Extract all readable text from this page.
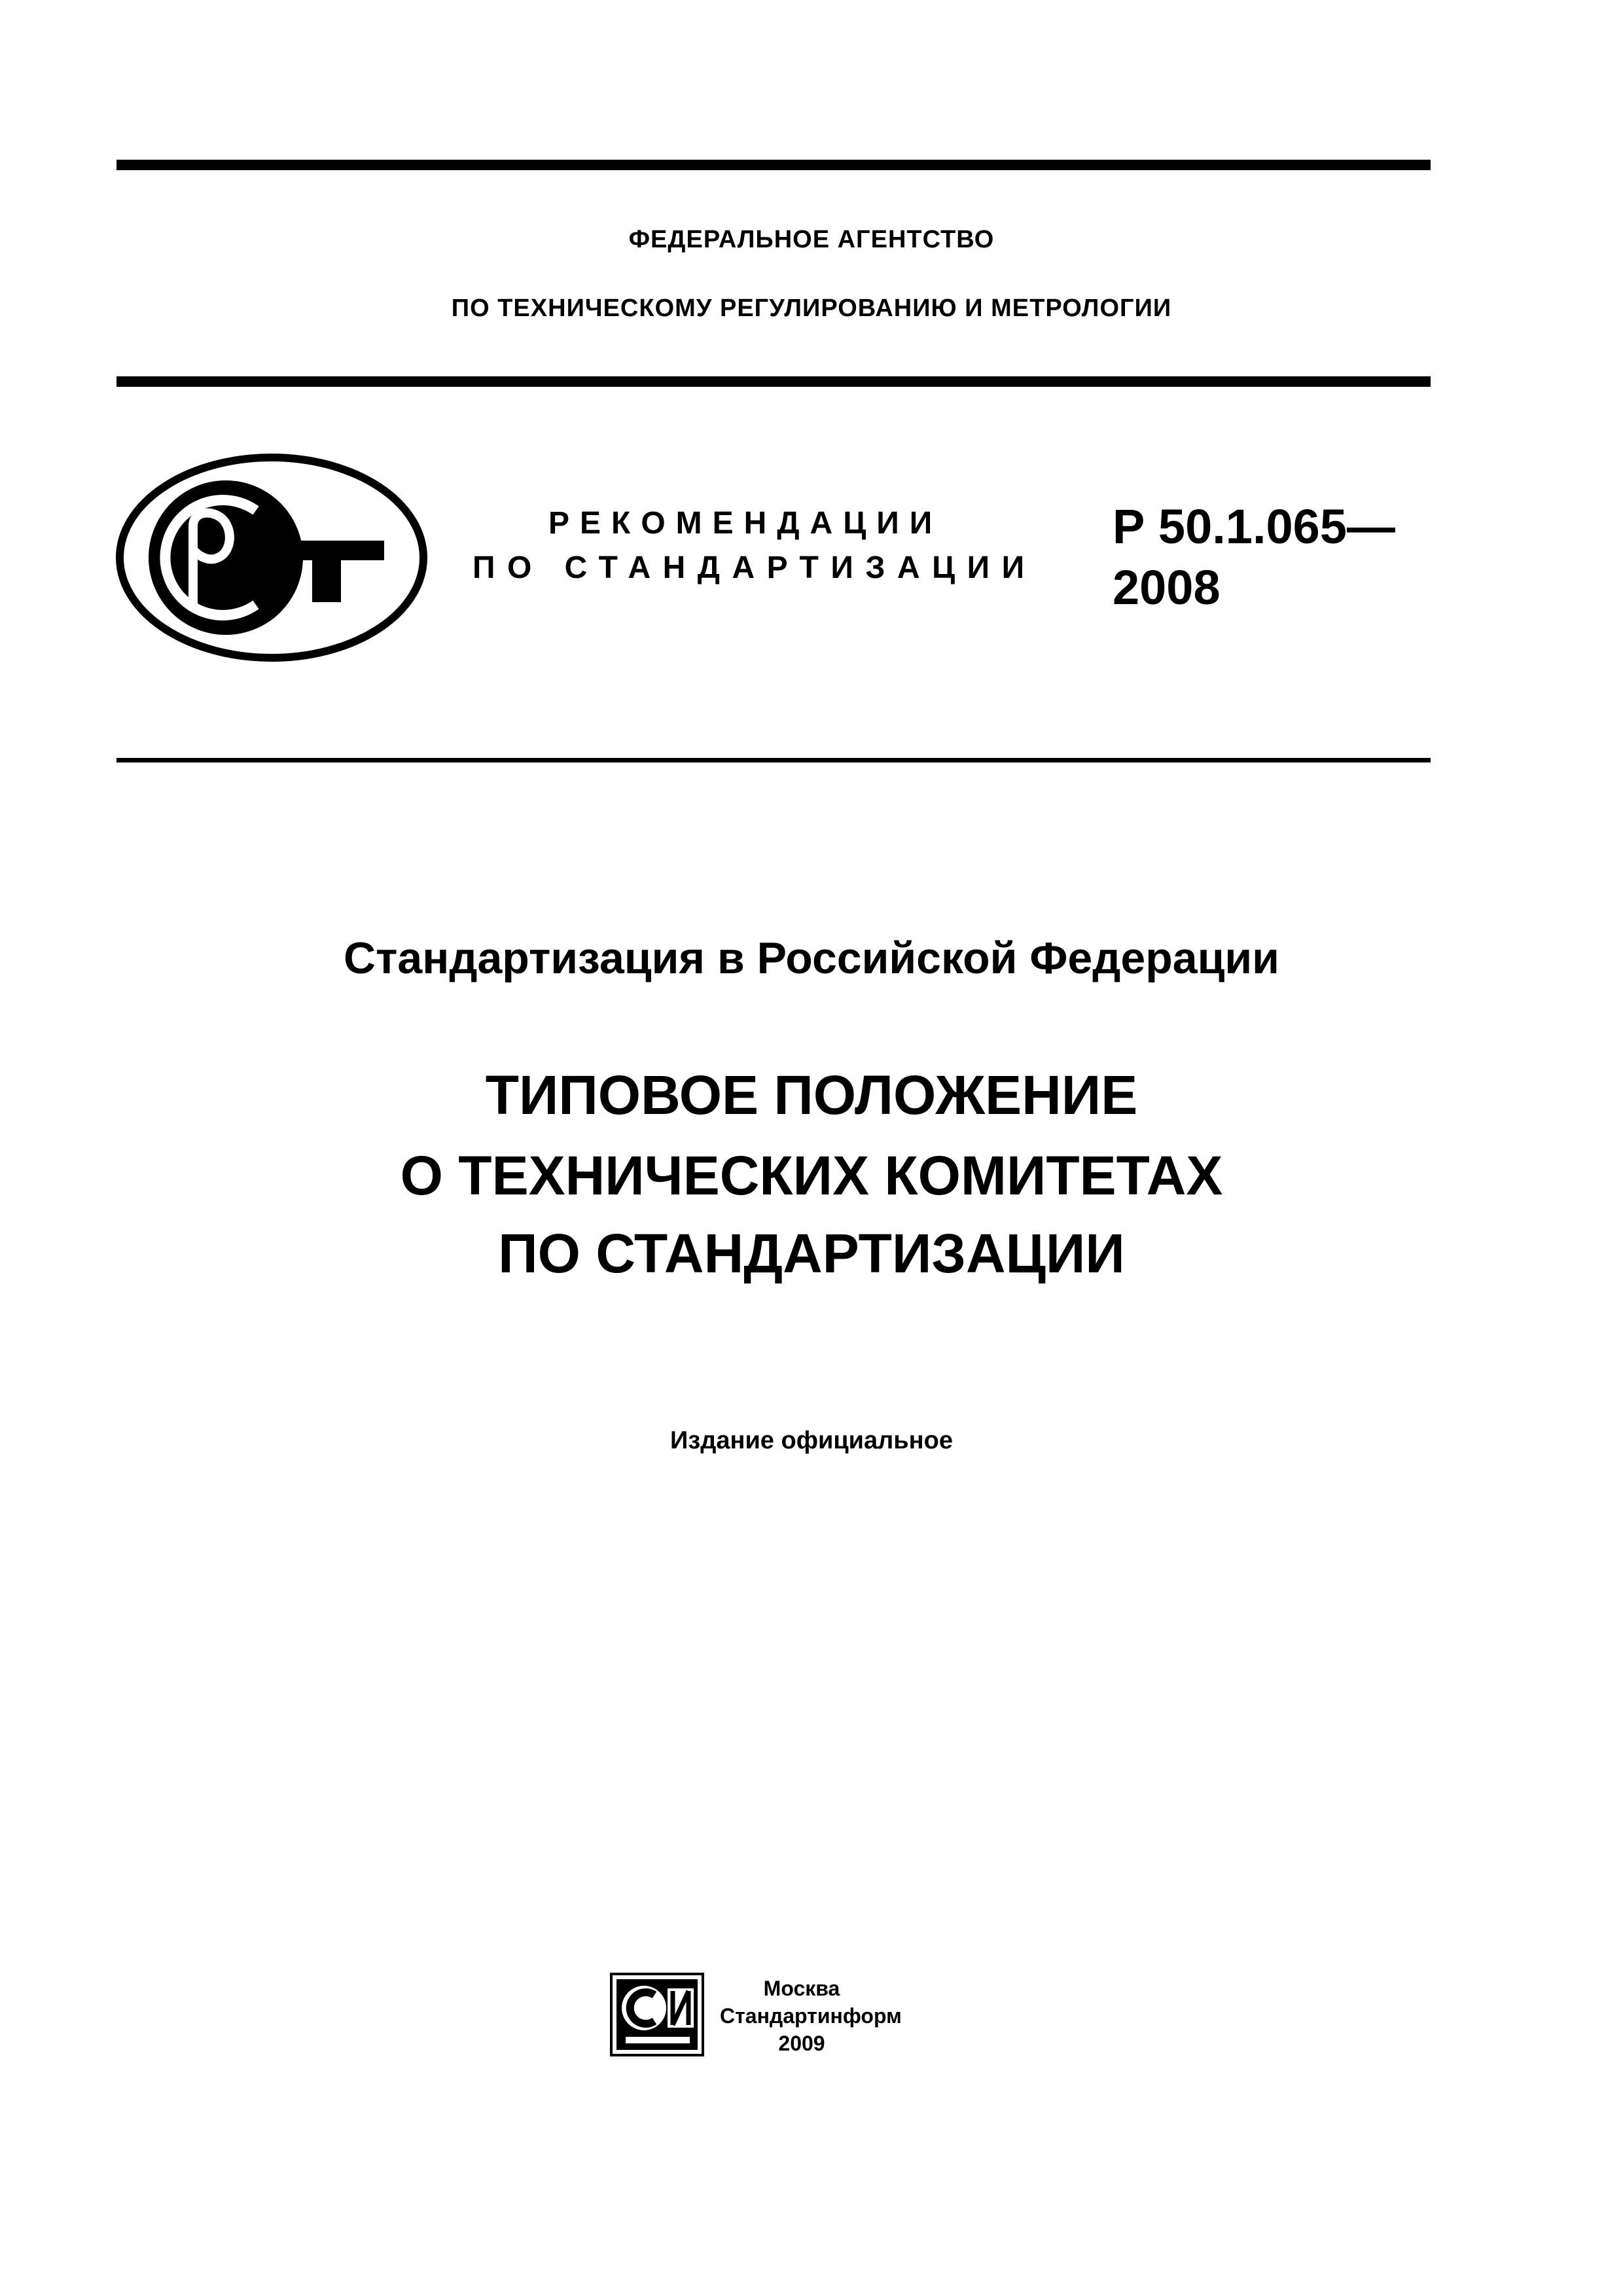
ФЕДЕРАЛЬНОЕ АГЕНТСТВО
ПО ТЕХНИЧЕСКОМУ РЕГУЛИРОВАНИЮ И МЕТРОЛОГИИ
РЕКОМЕНДАЦИИ
ПО СТАНДАРТИЗАЦИИ
Р 50.1.065—
2008
Стандартизация в Российской Федерации
ТИПОВОЕ ПОЛОЖЕНИЕ
О ТЕХНИЧЕСКИХ КОМИТЕТАХ
ПО СТАНДАРТИЗАЦИИ
Издание официальное
Москва
Стандартинформ
2009
